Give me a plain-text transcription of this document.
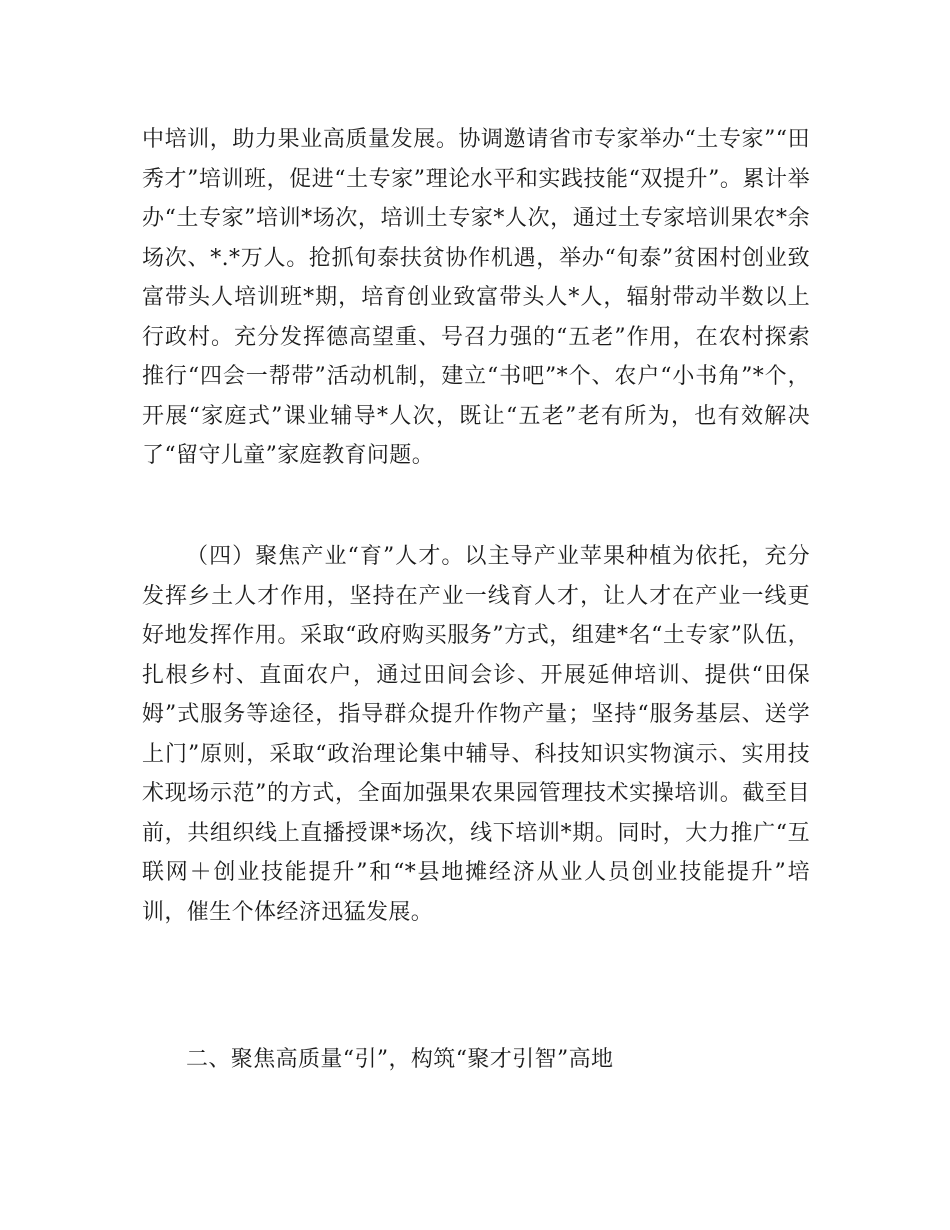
中培训，助力果业高质量发展。协调邀请省市专家举办“土专家”“田秀才”培训班，促进“土专家”理论水平和实践技能“双提升”。累计举办“土专家”培训*场次，培训土专家*人次，通过土专家培训果农*余场次、*.*万人。抢抓旬泰扶贫协作机遇，举办“旬泰”贫困村创业致富带头人培训班*期，培育创业致富带头人*人，辐射带动半数以上行政村。充分发挥德高望重、号召力强的“五老”作用，在农村探索推行“四会一帮带”活动机制，建立“书吧”*个、农户“小书角”*个，开展“家庭式”课业辅导*人次，既让“五老”老有所为，也有效解决了“留守儿童”家庭教育问题。

（四）聚焦产业“育”人才。以主导产业苹果种植为依托，充分发挥乡土人才作用，坚持在产业一线育人才，让人才在产业一线更好地发挥作用。采取“政府购买服务”方式，组建*名“土专家”队伍，扎根乡村、直面农户，通过田间会诊、开展延伸培训、提供“田保姆”式服务等途径，指导群众提升作物产量；坚持“服务基层、送学上门”原则，采取“政治理论集中辅导、科技知识实物演示、实用技术现场示范”的方式，全面加强果农果园管理技术实操培训。截至目前，共组织线上直播授课*场次，线下培训*期。同时，大力推广“互联网＋创业技能提升”和“*县地摊经济从业人员创业技能提升”培训，催生个体经济迅猛发展。

二、聚焦高质量“引”，构筑“聚才引智”高地
